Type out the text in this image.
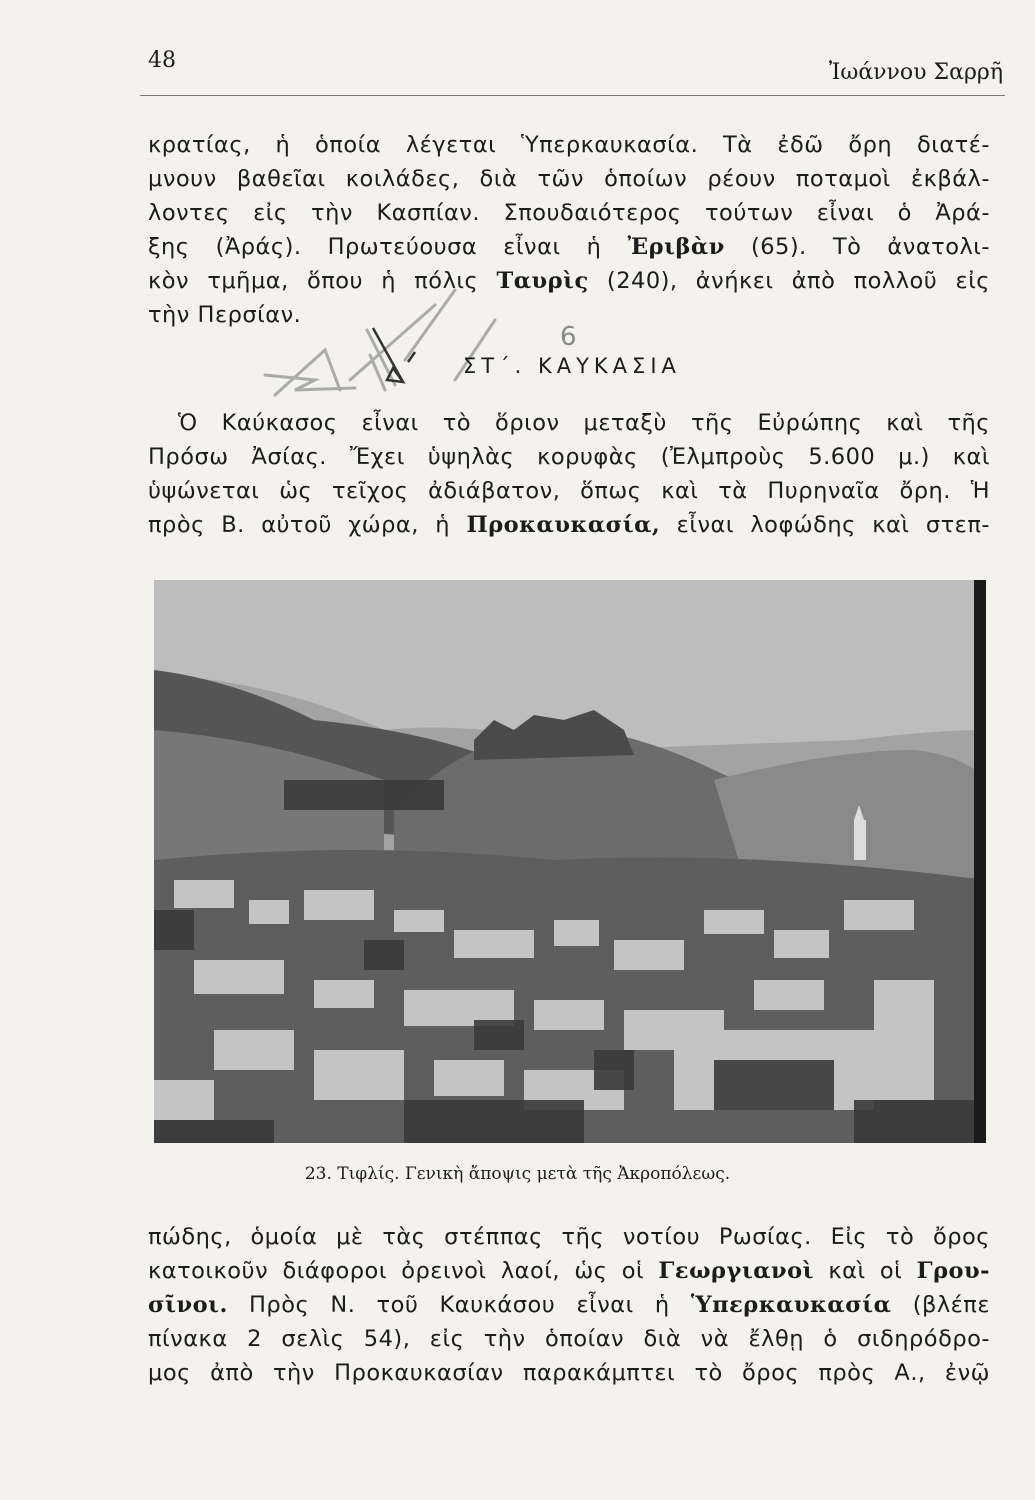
48	Ἰωάννου Σαρρῆ
κρατίας, ἡ ὁποία λέγεται Ὑπερκαυκασία. Τὰ ἐδῶ ὄρη διατέ-
μνουν βαθεῖαι κοιλάδες, διὰ τῶν ὁποίων ρέουν ποταμοὶ ἐκβάλ-
λοντες εἰς τὴν Κασπίαν. Σπουδαιότερος τούτων εἶναι ὁ Ἀρά-
ξης (Ἀράς). Πρωτεύουσα εἶναι ἡ Ἐριβὰν (65). Τὸ ἀνατολι-
κὸν τμῆμα, ὅπου ἡ πόλις Ταυρὶς (240), ἀνήκει ἀπὸ πολλοῦ εἰς
τὴν Περσίαν.
6
ΣΤ΄. ΚΑΥΚΑΣΙΑ
Ὁ Καύκασος εἶναι τὸ ὅριον μεταξὺ τῆς Εὐρώπης καὶ τῆς
Πρόσω Ἀσίας. Ἔχει ὑψηλὰς κορυφὰς (Ἐλμπροὺς 5.600 μ.) καὶ
ὑψώνεται ὡς τεῖχος ἀδιάβατον, ὅπως καὶ τὰ Πυρηναῖα ὄρη. Ἡ
πρὸς Β. αὐτοῦ χώρα, ἡ Προκαυκασία, εἶναι λοφώδης καὶ στεπ-
23. Τιφλίς. Γενικὴ ἄποψις μετὰ τῆς Ἀκροπόλεως.
πώδης, ὁμοία μὲ τὰς στέππας τῆς νοτίου Ρωσίας. Εἰς τὸ ὄρος
κατοικοῦν διάφοροι ὀρεινοὶ λαοί, ὡς οἱ Γεωργιανοὶ καὶ οἱ Γρου-
σῖνοι. Πρὸς Ν. τοῦ Καυκάσου εἶναι ἡ Ὑπερκαυκασία (βλέπε
πίνακα 2 σελὶς 54), εἰς τὴν ὁποίαν διὰ νὰ ἔλθῃ ὁ σιδηρόδρο-
μος ἀπὸ τὴν Προκαυκασίαν παρακάμπτει τὸ ὄρος πρὸς Α., ἐνῷ
